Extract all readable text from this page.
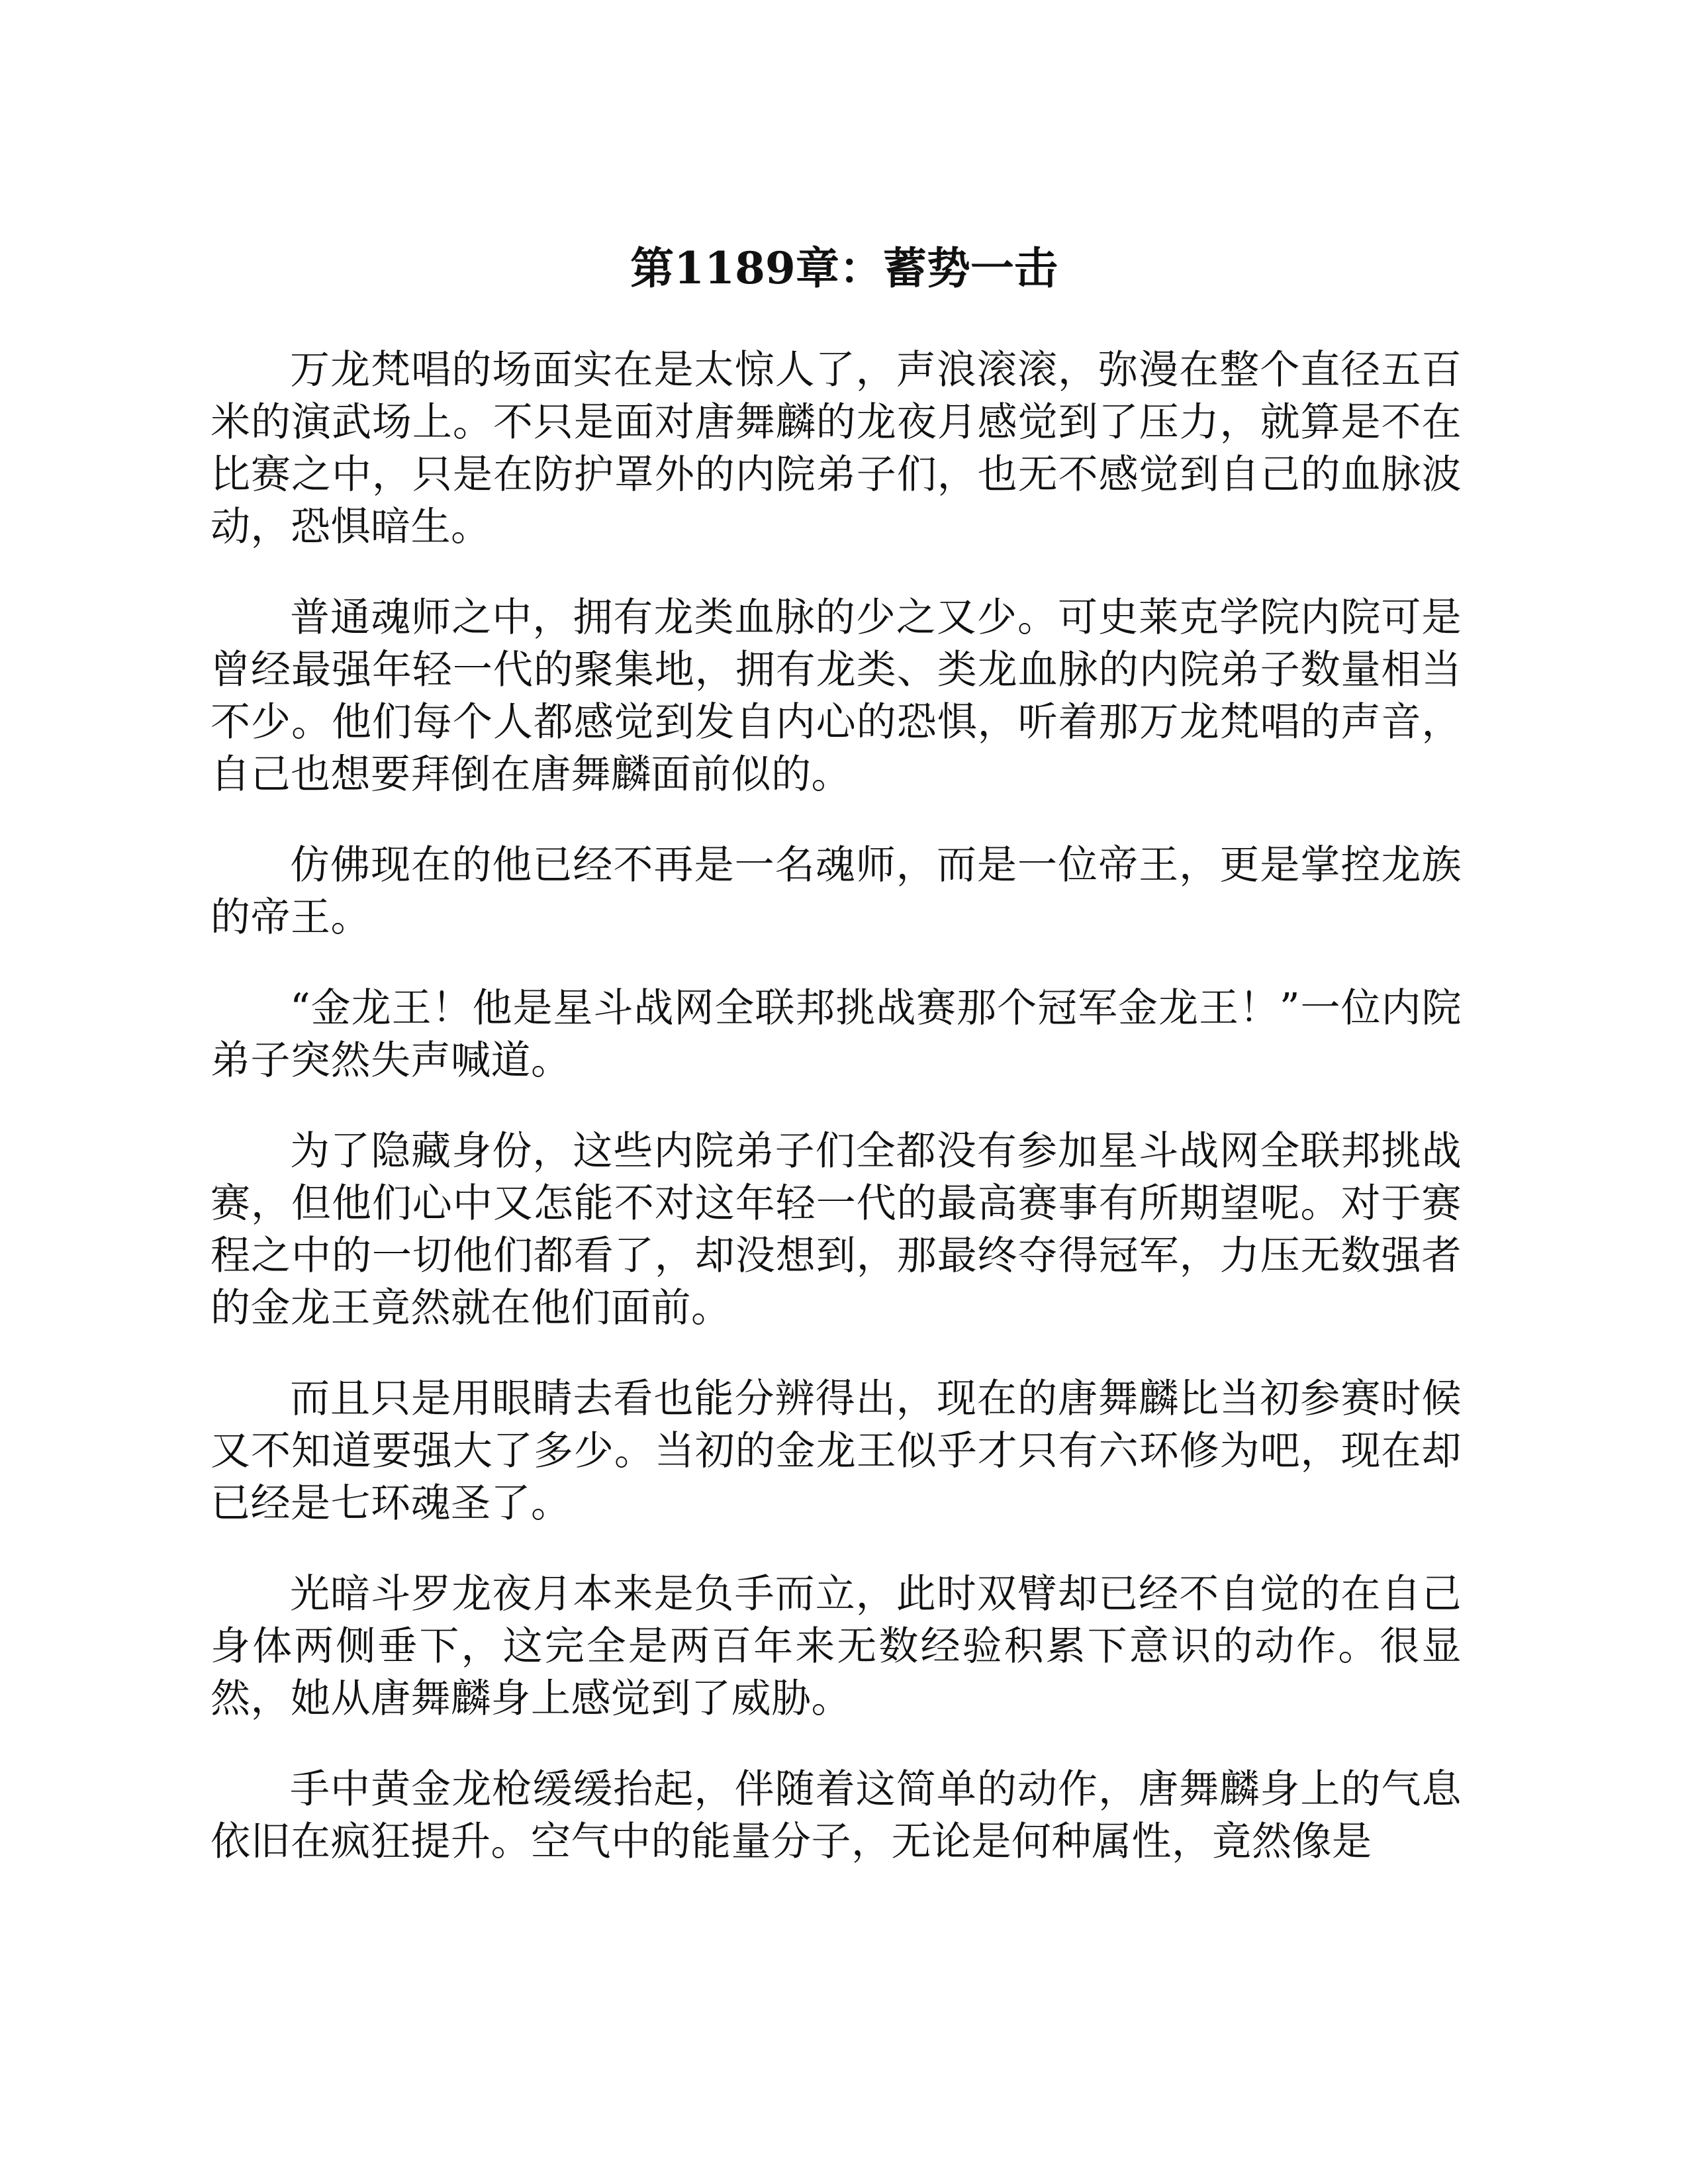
第1189章：蓄势一击

万龙梵唱的场面实在是太惊人了，声浪滚滚，弥漫在整个直径五百米的演武场上。不只是面对唐舞麟的龙夜月感觉到了压力，就算是不在比赛之中，只是在防护罩外的内院弟子们，也无不感觉到自己的血脉波动，恐惧暗生。

普通魂师之中，拥有龙类血脉的少之又少。可史莱克学院内院可是曾经最强年轻一代的聚集地，拥有龙类、类龙血脉的内院弟子数量相当不少。他们每个人都感觉到发自内心的恐惧，听着那万龙梵唱的声音，自己也想要拜倒在唐舞麟面前似的。

仿佛现在的他已经不再是一名魂师，而是一位帝王，更是掌控龙族的帝王。

“金龙王！他是星斗战网全联邦挑战赛那个冠军金龙王！”一位内院弟子突然失声喊道。

为了隐藏身份，这些内院弟子们全都没有参加星斗战网全联邦挑战赛，但他们心中又怎能不对这年轻一代的最高赛事有所期望呢。对于赛程之中的一切他们都看了，却没想到，那最终夺得冠军，力压无数强者的金龙王竟然就在他们面前。

而且只是用眼睛去看也能分辨得出，现在的唐舞麟比当初参赛时候又不知道要强大了多少。当初的金龙王似乎才只有六环修为吧，现在却已经是七环魂圣了。

光暗斗罗龙夜月本来是负手而立，此时双臂却已经不自觉的在自己身体两侧垂下，这完全是两百年来无数经验积累下意识的动作。很显然，她从唐舞麟身上感觉到了威胁。

手中黄金龙枪缓缓抬起，伴随着这简单的动作，唐舞麟身上的气息依旧在疯狂提升。空气中的能量分子，无论是何种属性，竟然像是
